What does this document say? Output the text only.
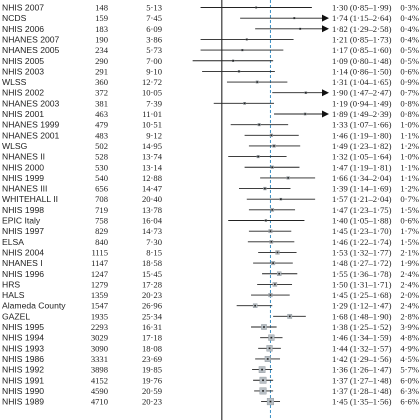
NHIS 2007	148	5·13	1·30 (0·85–1·99) 0·3%
NCDS	159	7·45	1·74 (1·15–2·64) 0·4%
NHIS 2006	183	6·09	1·82 (1·29–2·58) 0·4%
NHANES 2007	190	3·86	1·21 (0·85–1·73) 0·4%
NHANES 2005	234	5·73	1·17 (0·85–1·60) 0·5%
NHIS 2005	290	7·00	1·09 (0·80–1·48) 0·5%
NHIS 2003	291	9·10	1·14 (0·86–1·50) 0·6%
WLSS	360	12·72	1·31 (1·04–1·65) 0·9%
NHIS 2002	372	10·05	1·90 (1·47–2·47) 0·7%
NHANES 2003	381	7·39	1·19 (0·94–1·49) 0·8%
NHIS 2001	463	11·01	1·89 (1·49–2·39) 0·8%
NHANES 1999	479	10·51	1·33 (1·07–1·66) 1·0%
NHANES 2001	483	9·12	1·46 (1·19–1·80) 1·1%
WLSG	502	14·95	1·49 (1·23–1·82) 1·2%
NHANES II	528	13·74	1·32 (1·05–1·64) 1·0%
NHIS 2000	530	13·14	1·47 (1·19–1·81) 1·1%
NHIS 1999	540	12·88	1·66 (1·34–2·04) 1·1%
NHANES III	656	14·47	1·39 (1·14–1·69) 1·2%
WHITEHALL II	708	20·40	1·57 (1·21–2·04) 0·7%
NHIS 1998	719	13·78	1·47 (1·23–1·75) 1·5%
EPIC Italy	758	16·04	1·40 (1·05–1·88) 0·6%
NHIS 1997	829	14·73	1·45 (1·23–1·70) 1·7%
ELSA	840	7·30	1·46 (1·22–1·74) 1·5%
NHIS 2004	1115	8·15	1·53 (1·32–1·77) 2·1%
NHANES I	1147	18·58	1·48 (1·27–1·72) 1·9%
NHIS 1996	1247	15·45	1·55 (1·36–1·78) 2·4%
HRS	1279	17·28	1·50 (1·31–1·71) 2·4%
HALS	1359	20·23	1·45 (1·25–1·68) 2·0%
Alameda County	1547	26·96	1·29 (1·12–1·47) 2·4%
GAZEL	1935	25·34	1·68 (1·48–1·90) 2·8%
NHIS 1995	2293	16·31	1·38 (1·25–1·52) 3·9%
NHIS 1994	3029	17·18	1·46 (1·34–1·59) 4·8%
NHIS 1993	3090	18·08	1·44 (1·32–1·57) 4·9%
NHIS 1986	3331	23·69	1·42 (1·29–1·56) 4·5%
NHIS 1992	3898	19·85	1·36 (1·26–1·47) 5·7%
NHIS 1991	4152	19·76	1·37 (1·27–1·48) 6·0%
NHIS 1990	4590	20·59	1·37 (1·28–1·48) 6·3%
NHIS 1989	4710	20·23	1·45 (1·35–1·56) 6·6%
